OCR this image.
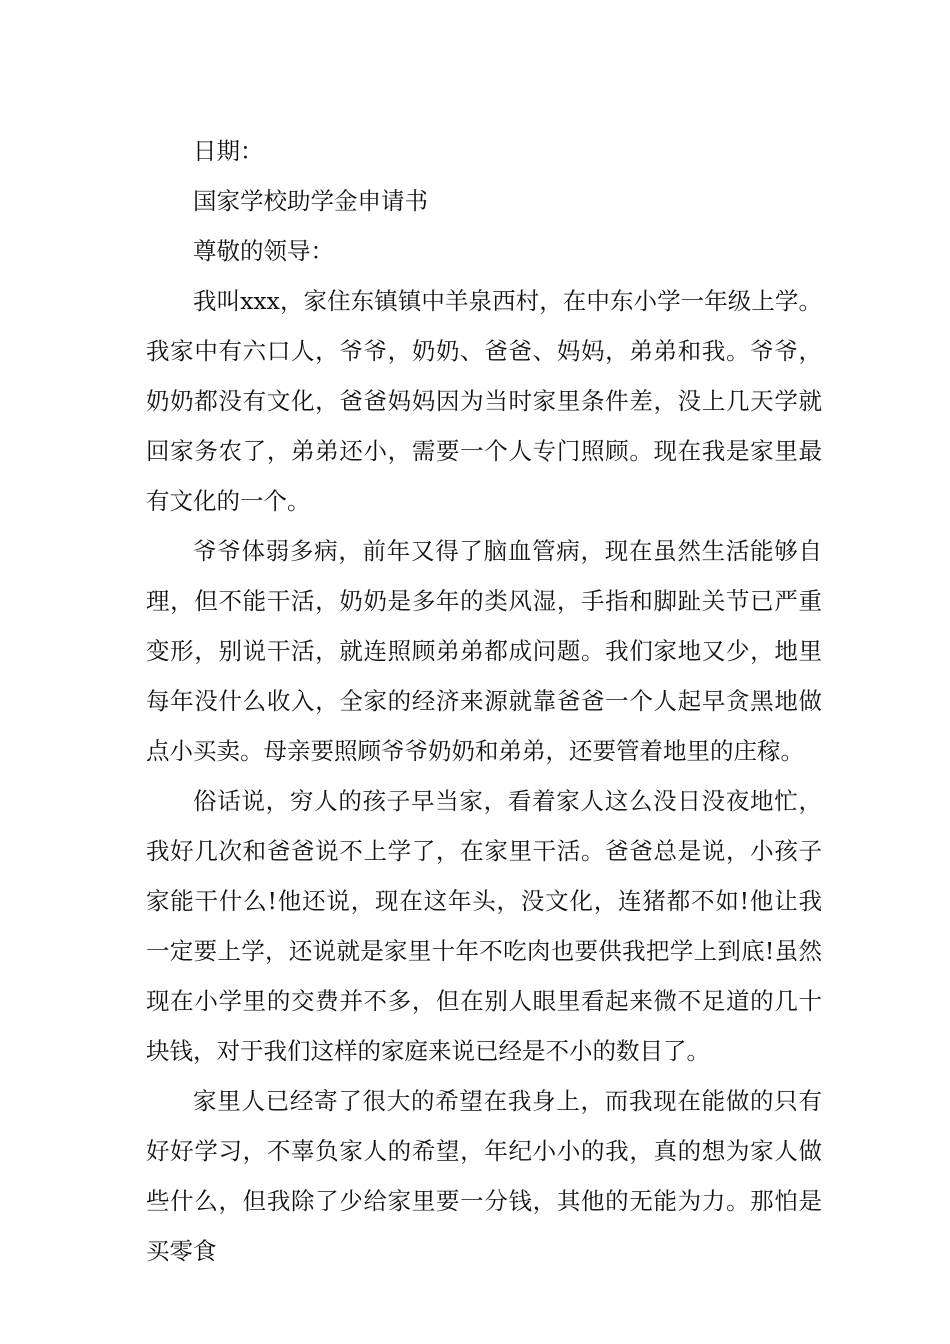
日期：

国家学校助学金申请书

尊敬的领导：

我叫xxx，家住东镇镇中羊泉西村，在中东小学一年级上学。我家中有六口人，爷爷，奶奶、爸爸、妈妈，弟弟和我。爷爷，奶奶都没有文化，爸爸妈妈因为当时家里条件差，没上几天学就回家务农了，弟弟还小，需要一个人专门照顾。现在我是家里最有文化的一个。

爷爷体弱多病，前年又得了脑血管病，现在虽然生活能够自理，但不能干活，奶奶是多年的类风湿，手指和脚趾关节已严重变形，别说干活，就连照顾弟弟都成问题。我们家地又少，地里每年没什么收入，全家的经济来源就靠爸爸一个人起早贪黑地做点小买卖。母亲要照顾爷爷奶奶和弟弟，还要管着地里的庄稼。

俗话说，穷人的孩子早当家，看着家人这么没日没夜地忙，我好几次和爸爸说不上学了，在家里干活。爸爸总是说，小孩子家能干什么!他还说，现在这年头，没文化，连猪都不如!他让我一定要上学，还说就是家里十年不吃肉也要供我把学上到底!虽然现在小学里的交费并不多，但在别人眼里看起来微不足道的几十块钱，对于我们这样的家庭来说已经是不小的数目了。

家里人已经寄了很大的希望在我身上，而我现在能做的只有好好学习，不辜负家人的希望，年纪小小的我，真的想为家人做些什么，但我除了少给家里要一分钱，其他的无能为力。那怕是买零食
